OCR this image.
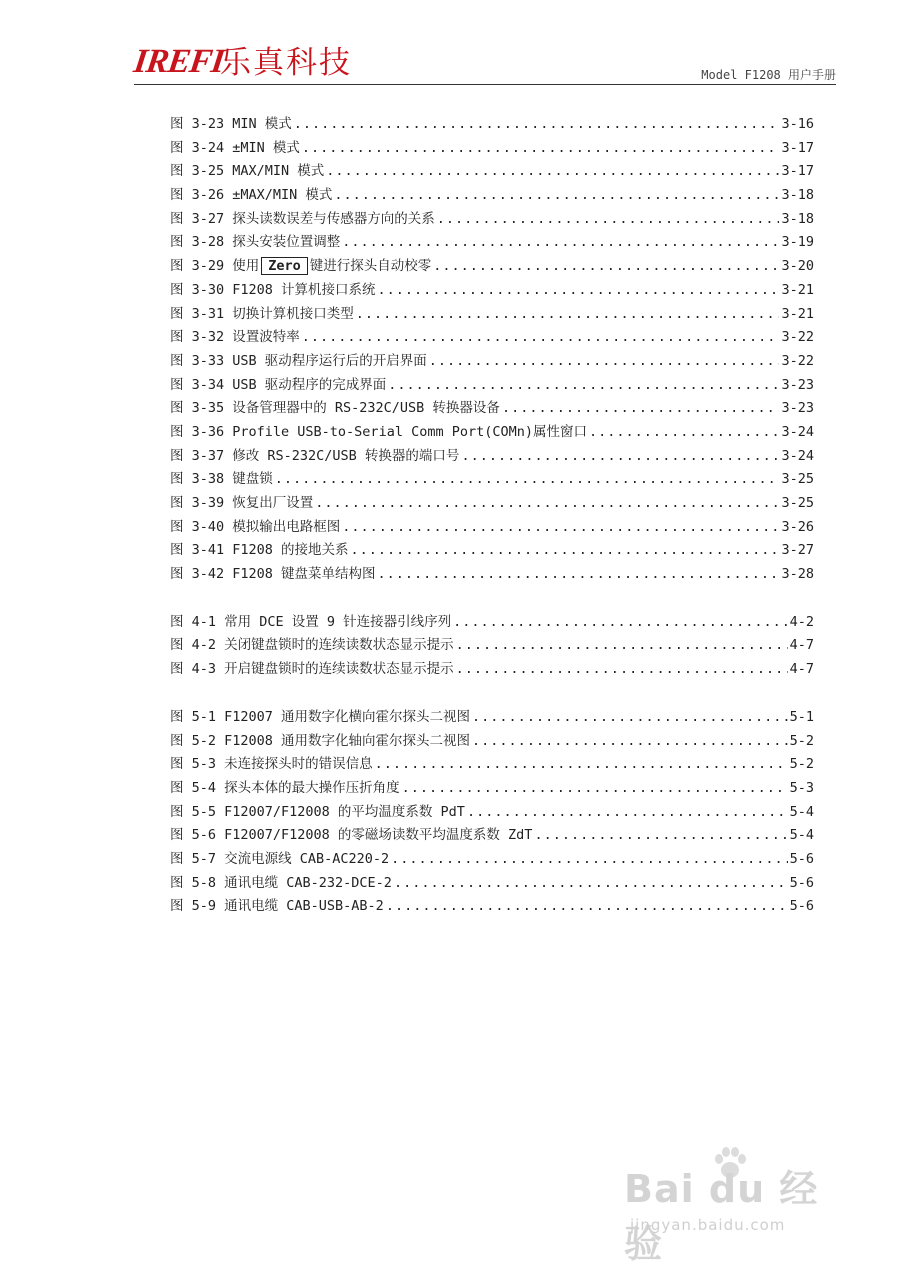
IREFI
乐真科技	Model F1208 用户手册
图 3-23 MIN 模式 .....	3-16
图 3-24 ±MIN 模式 .....	3-17
图 3-25 MAX/MIN 模式 .....	3-17
图 3-26 ±MAX/MIN 模式 .....	3-18
图 3-27 探头读数误差与传感器方向的关系 .....	3-18
图 3-28 探头安装位置调整 .....	3-19
图 3-29 使用 Zero 键进行探头自动校零 .....	3-20
图 3-30 F1208 计算机接口系统 .....	3-21
图 3-31 切换计算机接口类型 .....	3-21
图 3-32 设置波特率 .....	3-22
图 3-33 USB 驱动程序运行后的开启界面 .....	3-22
图 3-34 USB 驱动程序的完成界面 .....	3-23
图 3-35 设备管理器中的 RS-232C/USB 转换器设备 .....	3-23
图 3-36 Profile USB-to-Serial Comm Port(COMn)属性窗口 .....	3-24
图 3-37 修改 RS-232C/USB 转换器的端口号 .....	3-24
图 3-38 键盘锁 .....	3-25
图 3-39 恢复出厂设置 .....	3-25
图 3-40 模拟输出电路框图 .....	3-26
图 3-41 F1208 的接地关系 .....	3-27
图 3-42 F1208 键盘菜单结构图 .....	3-28
图 4-1 常用 DCE 设置 9 针连接器引线序列 .....	4-2
图 4-2 关闭键盘锁时的连续读数状态显示提示 .....	4-7
图 4-3 开启键盘锁时的连续读数状态显示提示 .....	4-7
图 5-1 F12007 通用数字化横向霍尔探头二视图 .....	5-1
图 5-2 F12008 通用数字化轴向霍尔探头二视图 .....	5-2
图 5-3 未连接探头时的错误信息 .....	5-2
图 5-4 探头本体的最大操作压折角度 .....	5-3
图 5-5 F12007/F12008 的平均温度系数 PdT .....	5-4
图 5-6 F12007/F12008 的零磁场读数平均温度系数 ZdT .....	5-4
图 5-7 交流电源线 CAB-AC220-2 .....	5-6
图 5-8 通讯电缆 CAB-232-DCE-2 .....	5-6
图 5-9 通讯电缆 CAB-USB-AB-2 .....	5-6
Bai du 经验
jingyan.baidu.com
